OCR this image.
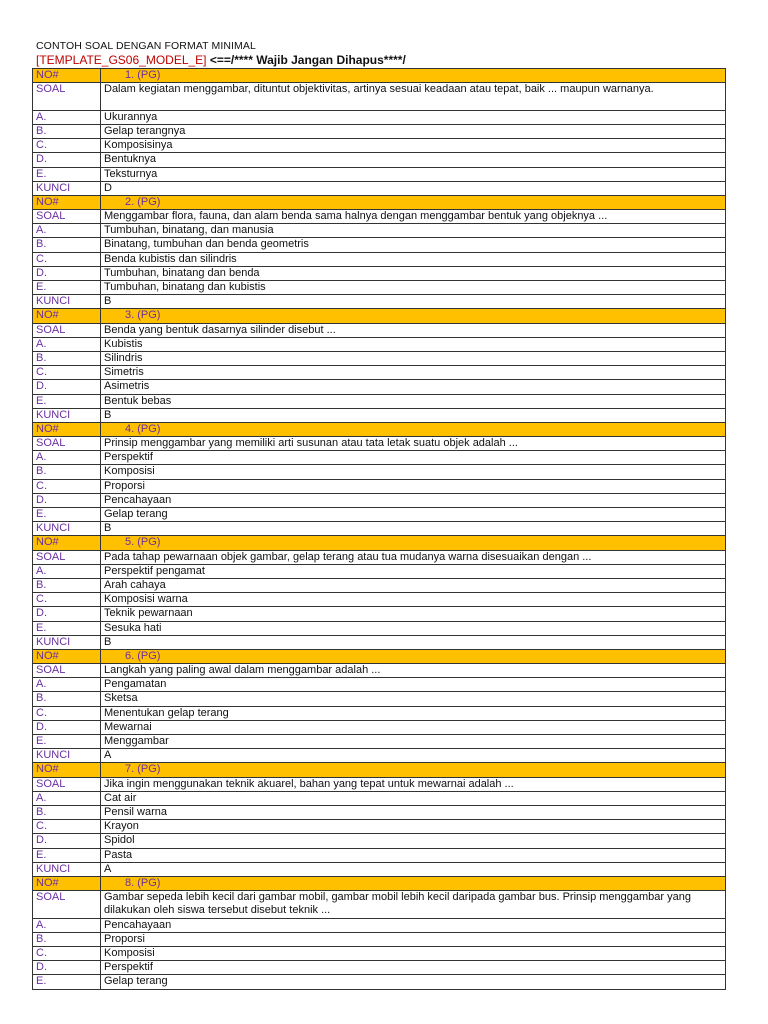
CONTOH SOAL DENGAN FORMAT MINIMAL
[TEMPLATE_GS06_MODEL_E] <==/**** Wajib Jangan Dihapus****/
NO#	1. (PG)
SOAL	Dalam kegiatan menggambar, dituntut objektivitas, artinya sesuai keadaan atau tepat, baik ... maupun warnanya.
A.	Ukurannya
B.	Gelap terangnya
C.	Komposisinya
D.	Bentuknya
E.	Teksturnya
KUNCI	D
NO#	2. (PG)
SOAL	Menggambar flora, fauna, dan alam benda sama halnya dengan menggambar bentuk yang objeknya ...
A.	Tumbuhan, binatang, dan manusia
B.	Binatang, tumbuhan dan benda geometris
C.	Benda kubistis dan silindris
D.	Tumbuhan, binatang dan benda
E.	Tumbuhan, binatang dan kubistis
KUNCI	B
NO#	3. (PG)
SOAL	Benda yang bentuk dasarnya silinder disebut ...
A.	Kubistis
B.	Silindris
C.	Simetris
D.	Asimetris
E.	Bentuk bebas
KUNCI	B
NO#	4. (PG)
SOAL	Prinsip menggambar yang memiliki arti susunan atau tata letak suatu objek adalah ...
A.	Perspektif
B.	Komposisi
C.	Proporsi
D.	Pencahayaan
E.	Gelap terang
KUNCI	B
NO#	5. (PG)
SOAL	Pada tahap pewarnaan objek gambar, gelap terang atau tua mudanya warna disesuaikan dengan ...
A.	Perspektif pengamat
B.	Arah cahaya
C.	Komposisi warna
D.	Teknik pewarnaan
E.	Sesuka hati
KUNCI	B
NO#	6. (PG)
SOAL	Langkah yang paling awal dalam menggambar adalah ...
A.	Pengamatan
B.	Sketsa
C.	Menentukan gelap terang
D.	Mewarnai
E.	Menggambar
KUNCI	A
NO#	7. (PG)
SOAL	Jika ingin menggunakan teknik akuarel, bahan yang tepat untuk mewarnai adalah ...
A.	Cat air
B.	Pensil warna
C.	Krayon
D.	Spidol
E.	Pasta
KUNCI	A
NO#	8. (PG)
SOAL	Gambar sepeda lebih kecil dari gambar mobil, gambar mobil lebih kecil daripada gambar bus. Prinsip menggambar yang dilakukan oleh siswa tersebut disebut teknik ...
A.	Pencahayaan
B.	Proporsi
C.	Komposisi
D.	Perspektif
E.	Gelap terang
